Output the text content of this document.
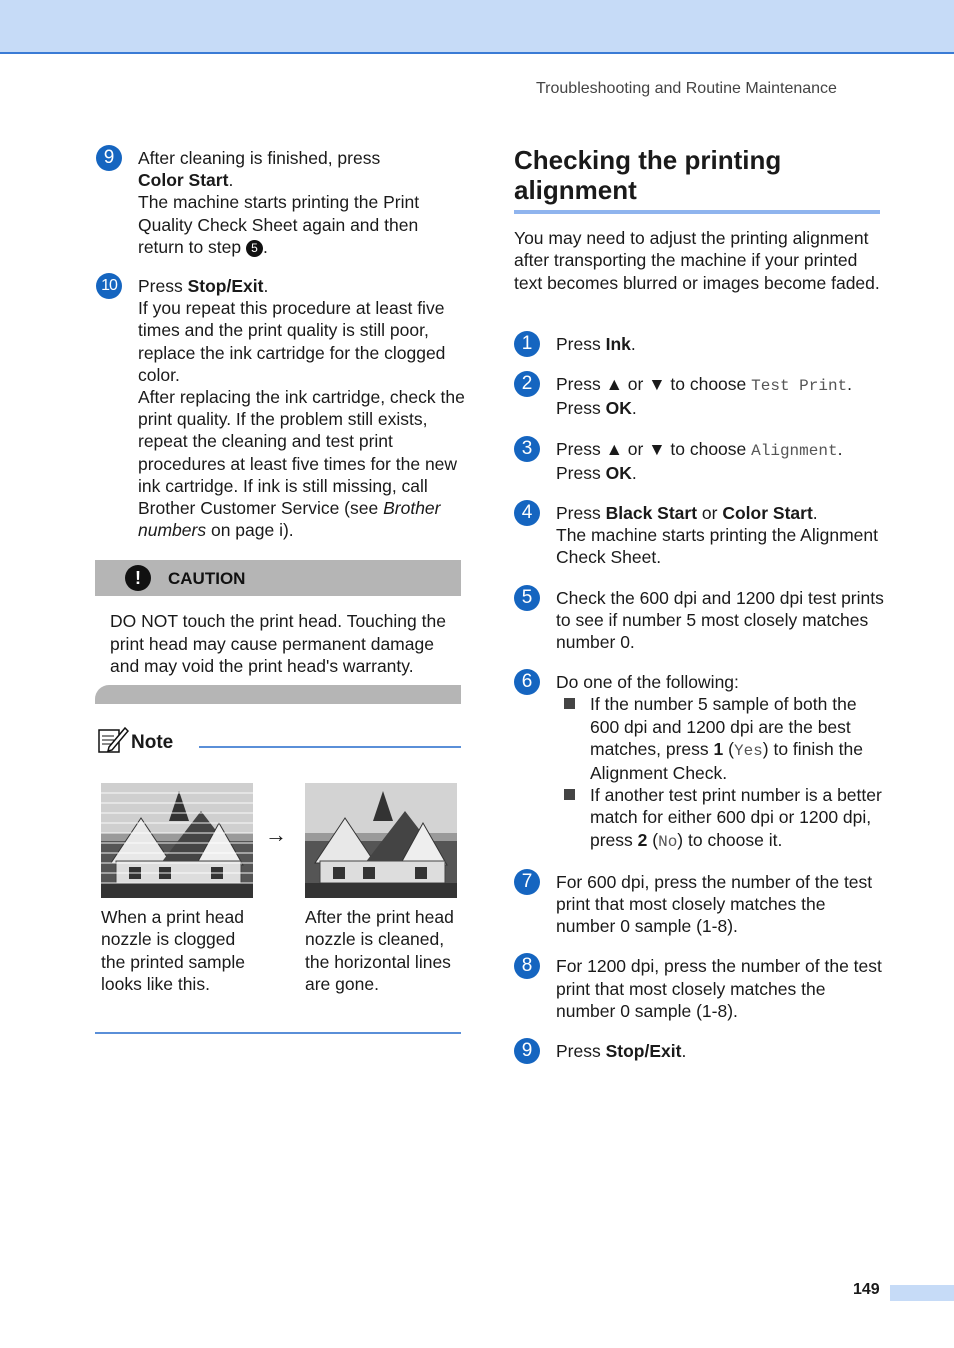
Troubleshooting and Routine Maintenance
9	After cleaning is finished, press
Color Start.
The machine starts printing the Print Quality Check Sheet again and then return to step 5 .
10 Press Stop/Exit.
If you repeat this procedure at least five times and the print quality is still poor, replace the ink cartridge for the clogged color.
After replacing the ink cartridge, check the print quality. If the problem still exists, repeat the cleaning and test print procedures at least five times for the new ink cartridge. If ink is still missing, call Brother Customer Service (see Brother numbers on page i).
!	CAUTION
DO NOT touch the print head. Touching the print head may cause permanent damage and may void the print head's warranty.
Note
→
When a print head nozzle is clogged the printed sample looks like this.
After the print head nozzle is cleaned, the horizontal lines are gone.
Checking the printing alignment
You may need to adjust the printing alignment after transporting the machine if your printed text becomes blurred or images become faded.
1	Press Ink.
2	Press ▲ or ▼ to choose Test Print.
Press OK.
3	Press ▲ or ▼ to choose Alignment.
Press OK.
4	Press Black Start or Color Start.
The machine starts printing the Alignment Check Sheet.
5	Check the 600 dpi and 1200 dpi test prints to see if number 5 most closely matches number 0.
6	Do one of the following:
If the number 5 sample of both the 600 dpi and 1200 dpi are the best matches, press 1 (Yes) to finish the Alignment Check.
If another test print number is a better match for either 600 dpi or 1200 dpi, press 2 (No) to choose it.
7	For 600 dpi, press the number of the test print that most closely matches the number 0 sample (1-8).
8	For 1200 dpi, press the number of the test print that most closely matches the number 0 sample (1-8).
9	Press Stop/Exit.
149
